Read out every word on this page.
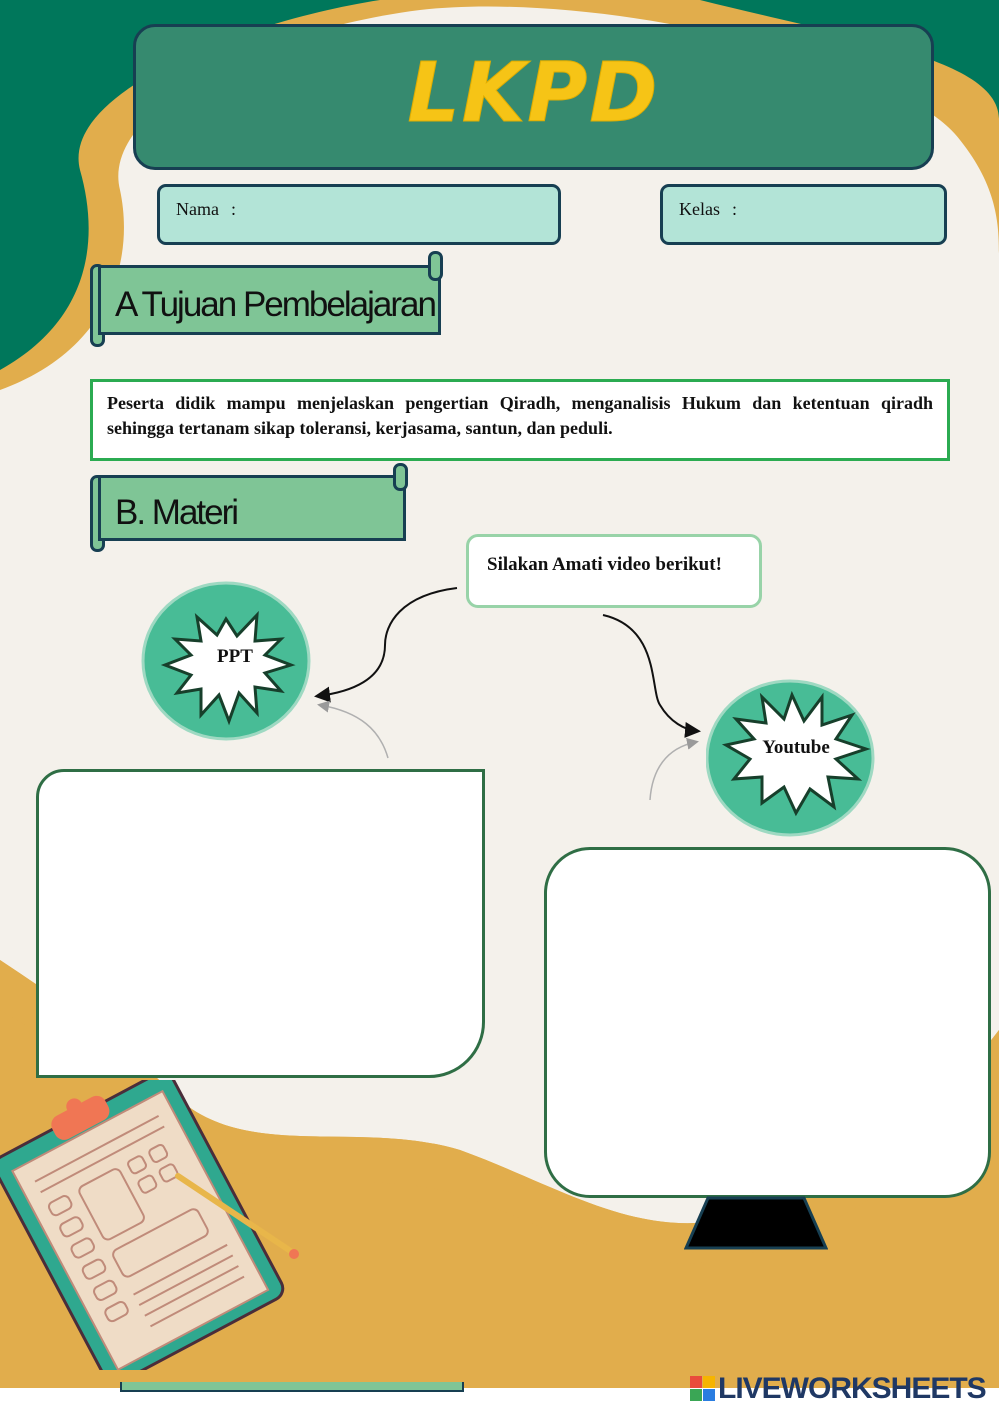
LKPD
Nama :	Kelas :
A Tujuan Pembelajaran
Peserta didik mampu menjelaskan pengertian Qiradh, menganalisis Hukum dan ketentuan qiradh sehingga tertanam sikap toleransi, kerjasama, santun, dan peduli.
B. Materi
Silakan Amati video berikut!
PPT
Youtube
LIVEWORKSHEETS
